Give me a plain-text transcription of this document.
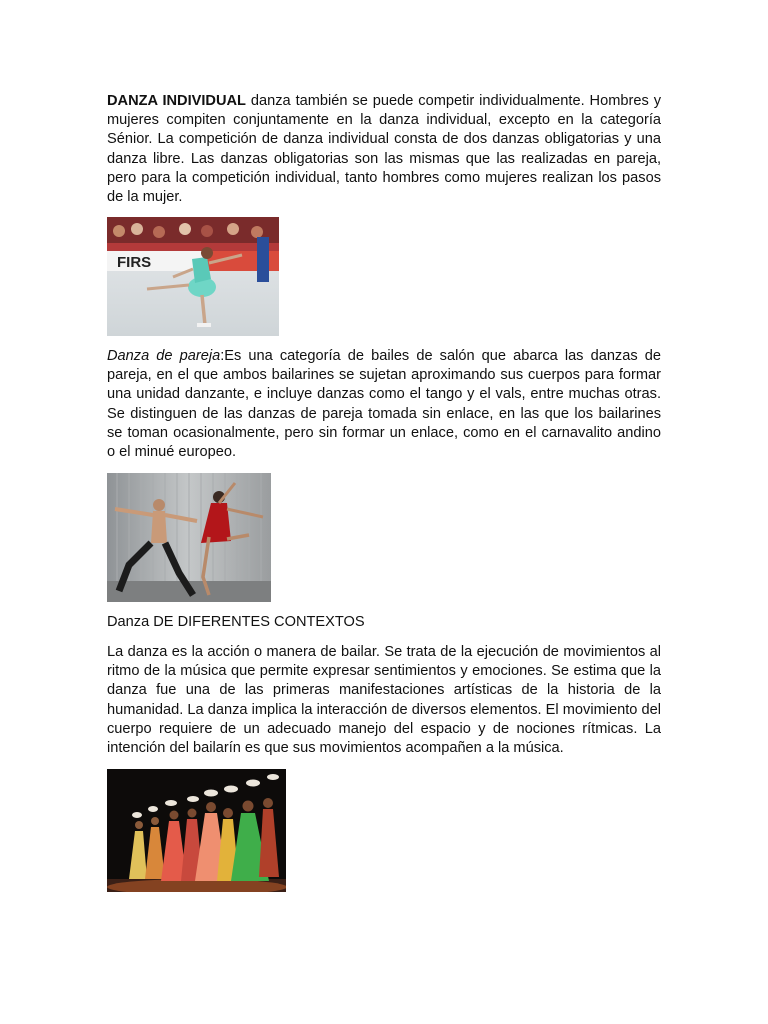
DANZA INDIVIDUAL danza también se puede competir individualmente. Hombres y mujeres compiten conjuntamente en la danza individual, excepto en la categoría Sénior. La competición de danza individual consta de dos danzas obligatorias y una danza libre. Las danzas obligatorias son las mismas que las realizadas en pareja, pero para la competición individual, tanto hombres como mujeres realizan los pasos de la mujer.

FIRS

Danza de pareja:Es una categoría de bailes de salón que abarca las danzas de pareja, en el que ambos bailarines se sujetan aproximando sus cuerpos para formar una unidad danzante, e incluye danzas como el tango y el vals, entre muchas otras. Se distinguen de las danzas de pareja tomada sin enlace, en las que los bailarines se toman ocasionalmente, pero sin formar un enlace, como en el carnavalito andino o el minué europeo.

Danza DE DIFERENTES CONTEXTOS

La danza es la acción o manera de bailar. Se trata de la ejecución de movimientos al ritmo de la música que permite expresar sentimientos y emociones. Se estima que la danza fue una de las primeras manifestaciones artísticas de la historia de la humanidad. La danza implica la interacción de diversos elementos. El movimiento del cuerpo requiere de un adecuado manejo del espacio y de nociones rítmicas. La intención del bailarín es que sus movimientos acompañen a la música.
